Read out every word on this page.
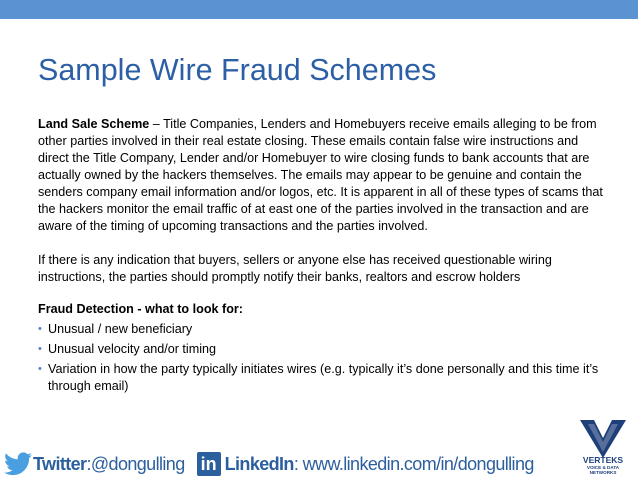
Sample Wire Fraud Schemes

Land Sale Scheme – Title Companies, Lenders and Homebuyers receive emails alleging to be from other parties involved in their real estate closing. These emails contain false wire instructions and direct the Title Company, Lender and/or Homebuyer to wire closing funds to bank accounts that are actually owned by the hackers themselves. The emails may appear to be genuine and contain the senders company email information and/or logos, etc. It is apparent in all of these types of scams that the hackers monitor the email traffic of at east one of the parties involved in the transaction and are aware of the timing of upcoming transactions and the parties involved.

If there is any indication that buyers, sellers or anyone else has received questionable wiring instructions, the parties should promptly notify their banks, realtors and escrow holders

Fraud Detection - what to look for:

• Unusual / new beneficiary
• Unusual velocity and/or timing
• Variation in how the party typically initiates wires (e.g. typically it’s done personally and this time it’s through email)
Twitter :@dongulling in LinkedIn : www.linkedin.com/in/dongulling	VERTEKS
VOICE & DATA
NETWORKS
